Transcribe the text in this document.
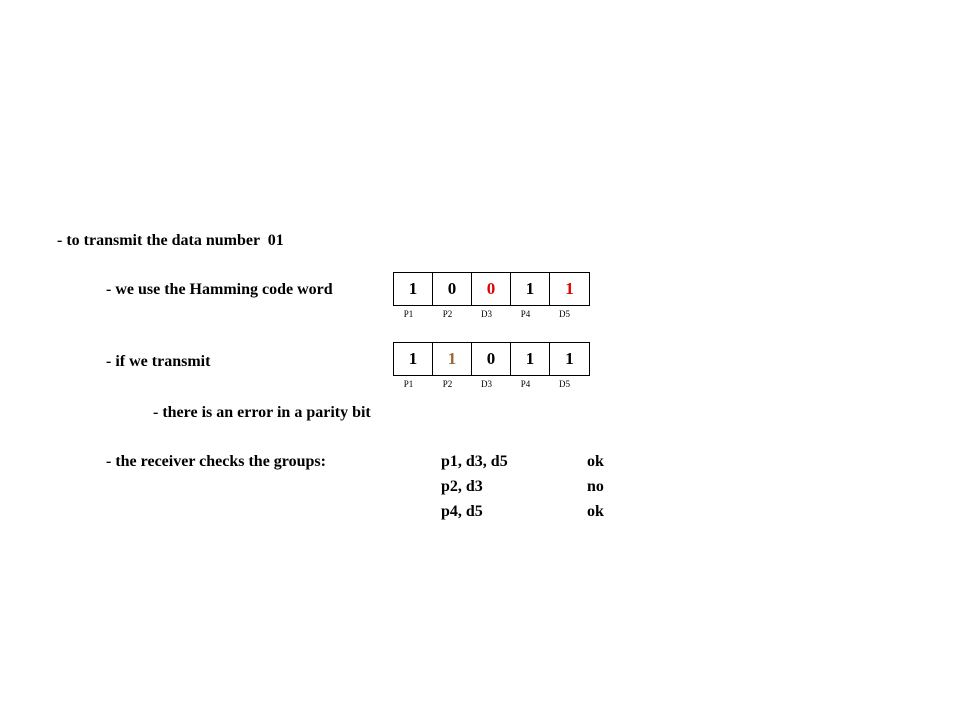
- to transmit the data number  01
- we use the Hamming code word	1	0	0	1	1
P1	P2	D3	P4	D5
- if we transmit	1	1	0	1	1
P1	P2	D3	P4	D5
- there is an error in a parity bit
- the receiver checks the groups:	p1, d3, d5	ok
p2, d3	no
p4, d5	ok
